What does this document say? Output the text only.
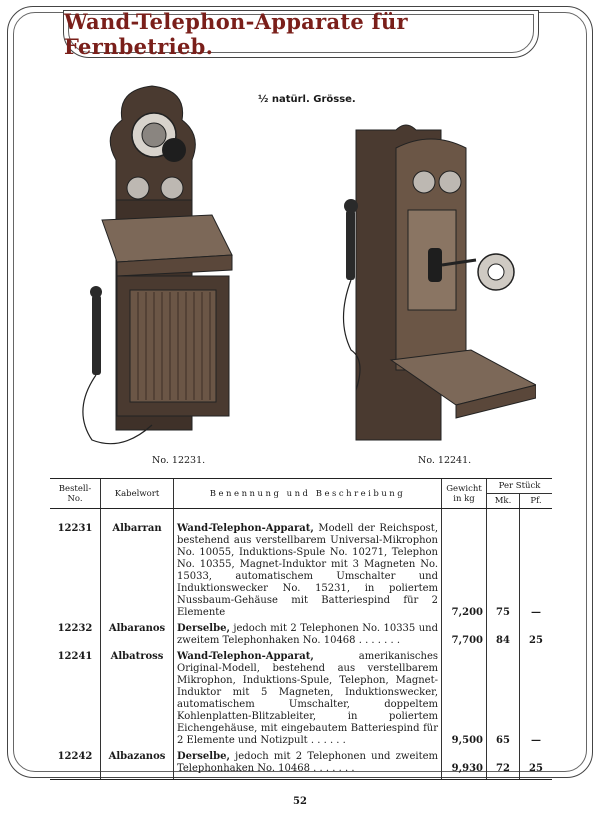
Wand-Telephon-Apparate für Fernbetrieb.
½ natürl. Grösse.
No. 12231.	No. 12241.
Bestell-No.	Kabelwort	Benennung und Beschreibung	Gewicht in kg	Per Stück
Mk. Pf.	

12231	Albarran	Wand-Telephon-Apparat, Modell der Reichspost, bestehend aus verstellbarem Universal-Mikrophon No. 10055, Induktions-Spule No. 10271, Telephon No. 10355, Magnet-Induktor mit 3 Magneten No. 15033, automatischem Umschalter und Induktionswecker No. 15231, in poliertem Nussbaum-Gehäuse mit Batteriespind für 2 Elemente	7,200	75	—
12232	Albaranos	Derselbe, jedoch mit 2 Telephonen No. 10335 und zweitem Telephonhaken No. 10468 . . . . . . .	7,700	84	25
12241	Albatross	Wand-Telephon-Apparat, amerikanisches Original-Modell, bestehend aus verstellbarem Mikrophon, Induktions-Spule, Telephon, Magnet-Induktor mit 5 Magneten, Induktionswecker, automatischem Umschalter, doppeltem Kohlenplatten-Blitzableiter, in poliertem Eichengehäuse, mit eingebautem Batteriespind für 2 Elemente und Notizpult . . . . . .	9,500	65	—
12242	Albazanos	Derselbe, jedoch mit 2 Telephonen und zweitem Telephonhaken No. 10468 . . . . . . .	9,930	72	25
52
